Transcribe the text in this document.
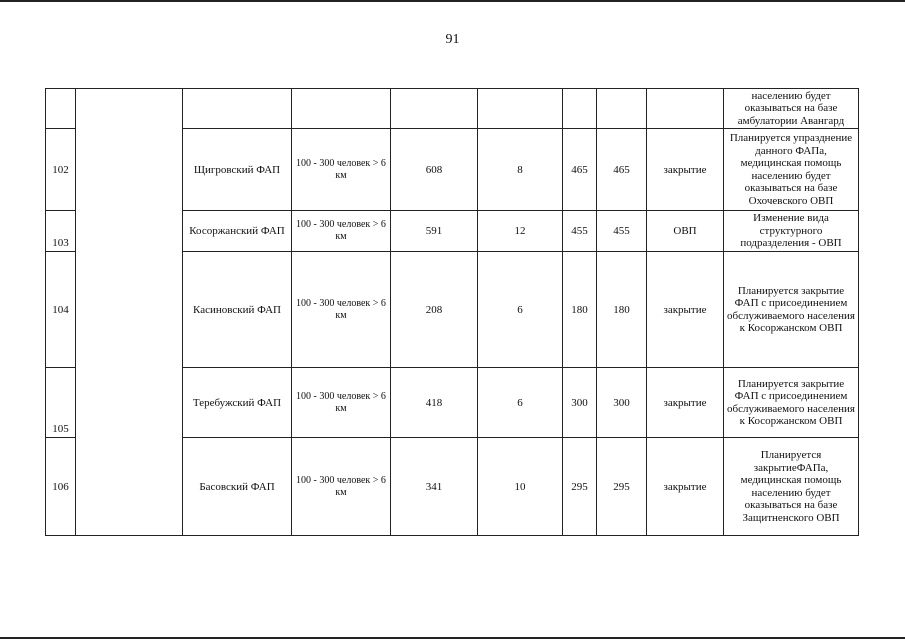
91
									населению будет оказываться на базе амбулатории Авангард
102		Щигровский ФАП	100 - 300 человек > 6 км	608	8	465	465	закрытие	Планируется упразднение данного ФАПа, медицинская помощь населению будет оказываться на базе Охочевского ОВП
103		Косоржанский ФАП	100 - 300 человек > 6 км	591	12	455	455	ОВП	Изменение вида структурного подразделения - ОВП
104		Касиновский ФАП	100 - 300 человек > 6 км	208	6	180	180	закрытие	Планируется закрытие ФАП с присоединением обслуживаемого населения к Косоржанском ОВП
105		Теребужский ФАП	100 - 300 человек > 6 км	418	6	300	300	закрытие	Планируется закрытие ФАП с присоединением обслуживаемого населения к Косоржанском ОВП
106		Басовский ФАП	100 - 300 человек > 6 км	341	10	295	295	закрытие	Планируется закрытиеФАПа, медицинская помощь населению будет оказываться на базе Защитненского ОВП
